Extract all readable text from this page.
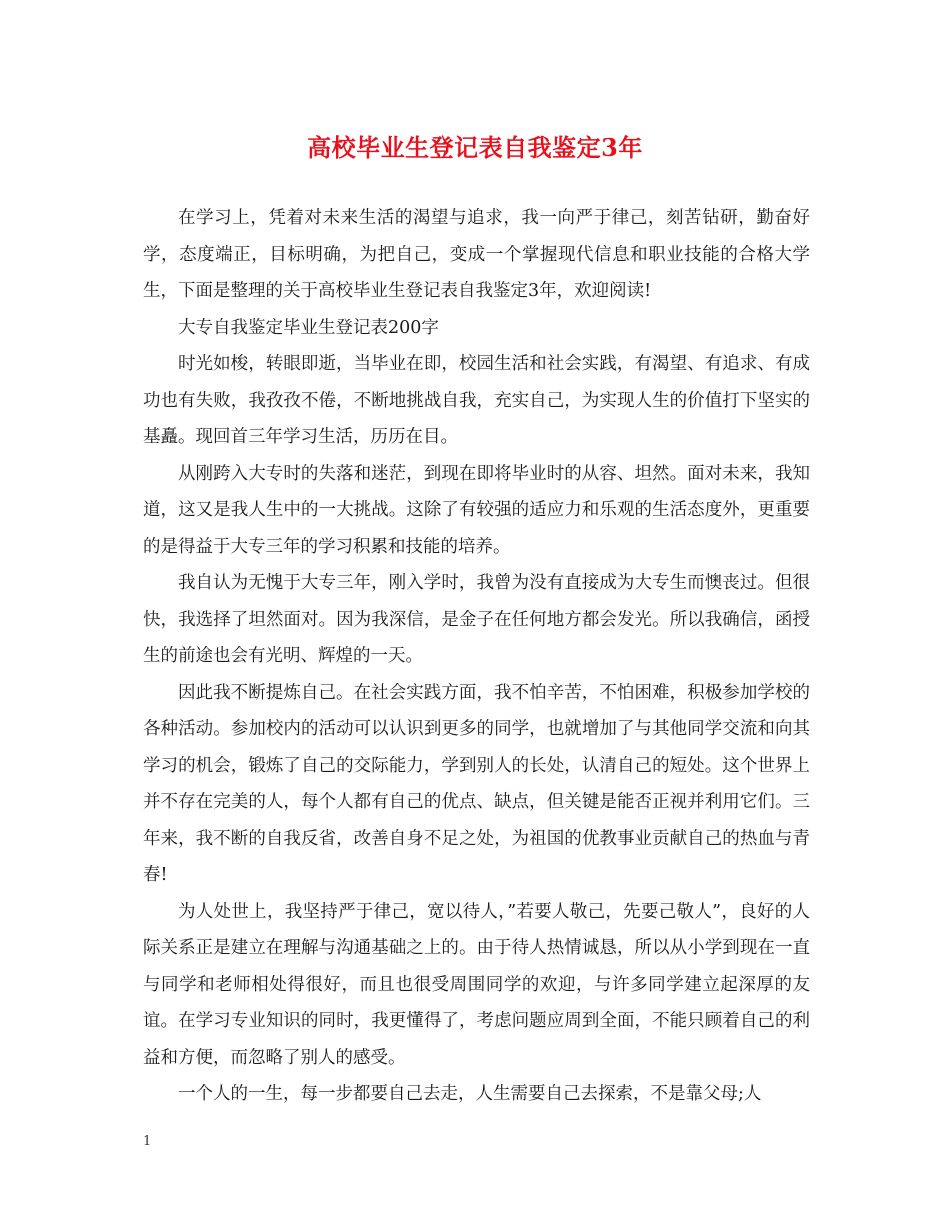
高校毕业生登记表自我鉴定3年

在学习上，凭着对未来生活的渴望与追求，我一向严于律己，刻苦钻研，勤奋好学，态度端正，目标明确，为把自己，变成一个掌握现代信息和职业技能的合格大学生，下面是整理的关于高校毕业生登记表自我鉴定3年，欢迎阅读!

大专自我鉴定毕业生登记表200字

时光如梭，转眼即逝，当毕业在即，校园生活和社会实践，有渴望、有追求、有成功也有失败，我孜孜不倦，不断地挑战自我，充实自己，为实现人生的价值打下坚实的基矗。现回首三年学习生活，历历在目。

从刚跨入大专时的失落和迷茫，到现在即将毕业时的从容、坦然。面对未来，我知道，这又是我人生中的一大挑战。这除了有较强的适应力和乐观的生活态度外，更重要的是得益于大专三年的学习积累和技能的培养。

我自认为无愧于大专三年，刚入学时，我曾为没有直接成为大专生而懊丧过。但很快，我选择了坦然面对。因为我深信，是金子在任何地方都会发光。所以我确信，函授生的前途也会有光明、辉煌的一天。

因此我不断提炼自己。在社会实践方面，我不怕辛苦，不怕困难，积极参加学校的各种活动。参加校内的活动可以认识到更多的同学，也就增加了与其他同学交流和向其学习的机会，锻炼了自己的交际能力，学到别人的长处，认清自己的短处。这个世界上并不存在完美的人，每个人都有自己的优点、缺点，但关键是能否正视并利用它们。三年来，我不断的自我反省，改善自身不足之处，为祖国的优教事业贡献自己的热血与青春!

为人处世上，我坚持严于律己，宽以待人，”若要人敬己，先要己敬人”，良好的人际关系正是建立在理解与沟通基础之上的。由于待人热情诚恳，所以从小学到现在一直与同学和老师相处得很好，而且也很受周围同学的欢迎，与许多同学建立起深厚的友谊。在学习专业知识的同时，我更懂得了，考虑问题应周到全面，不能只顾着自己的利益和方便，而忽略了别人的感受。

一个人的一生，每一步都要自己去走，人生需要自己去探索，不是靠父母;人

1
